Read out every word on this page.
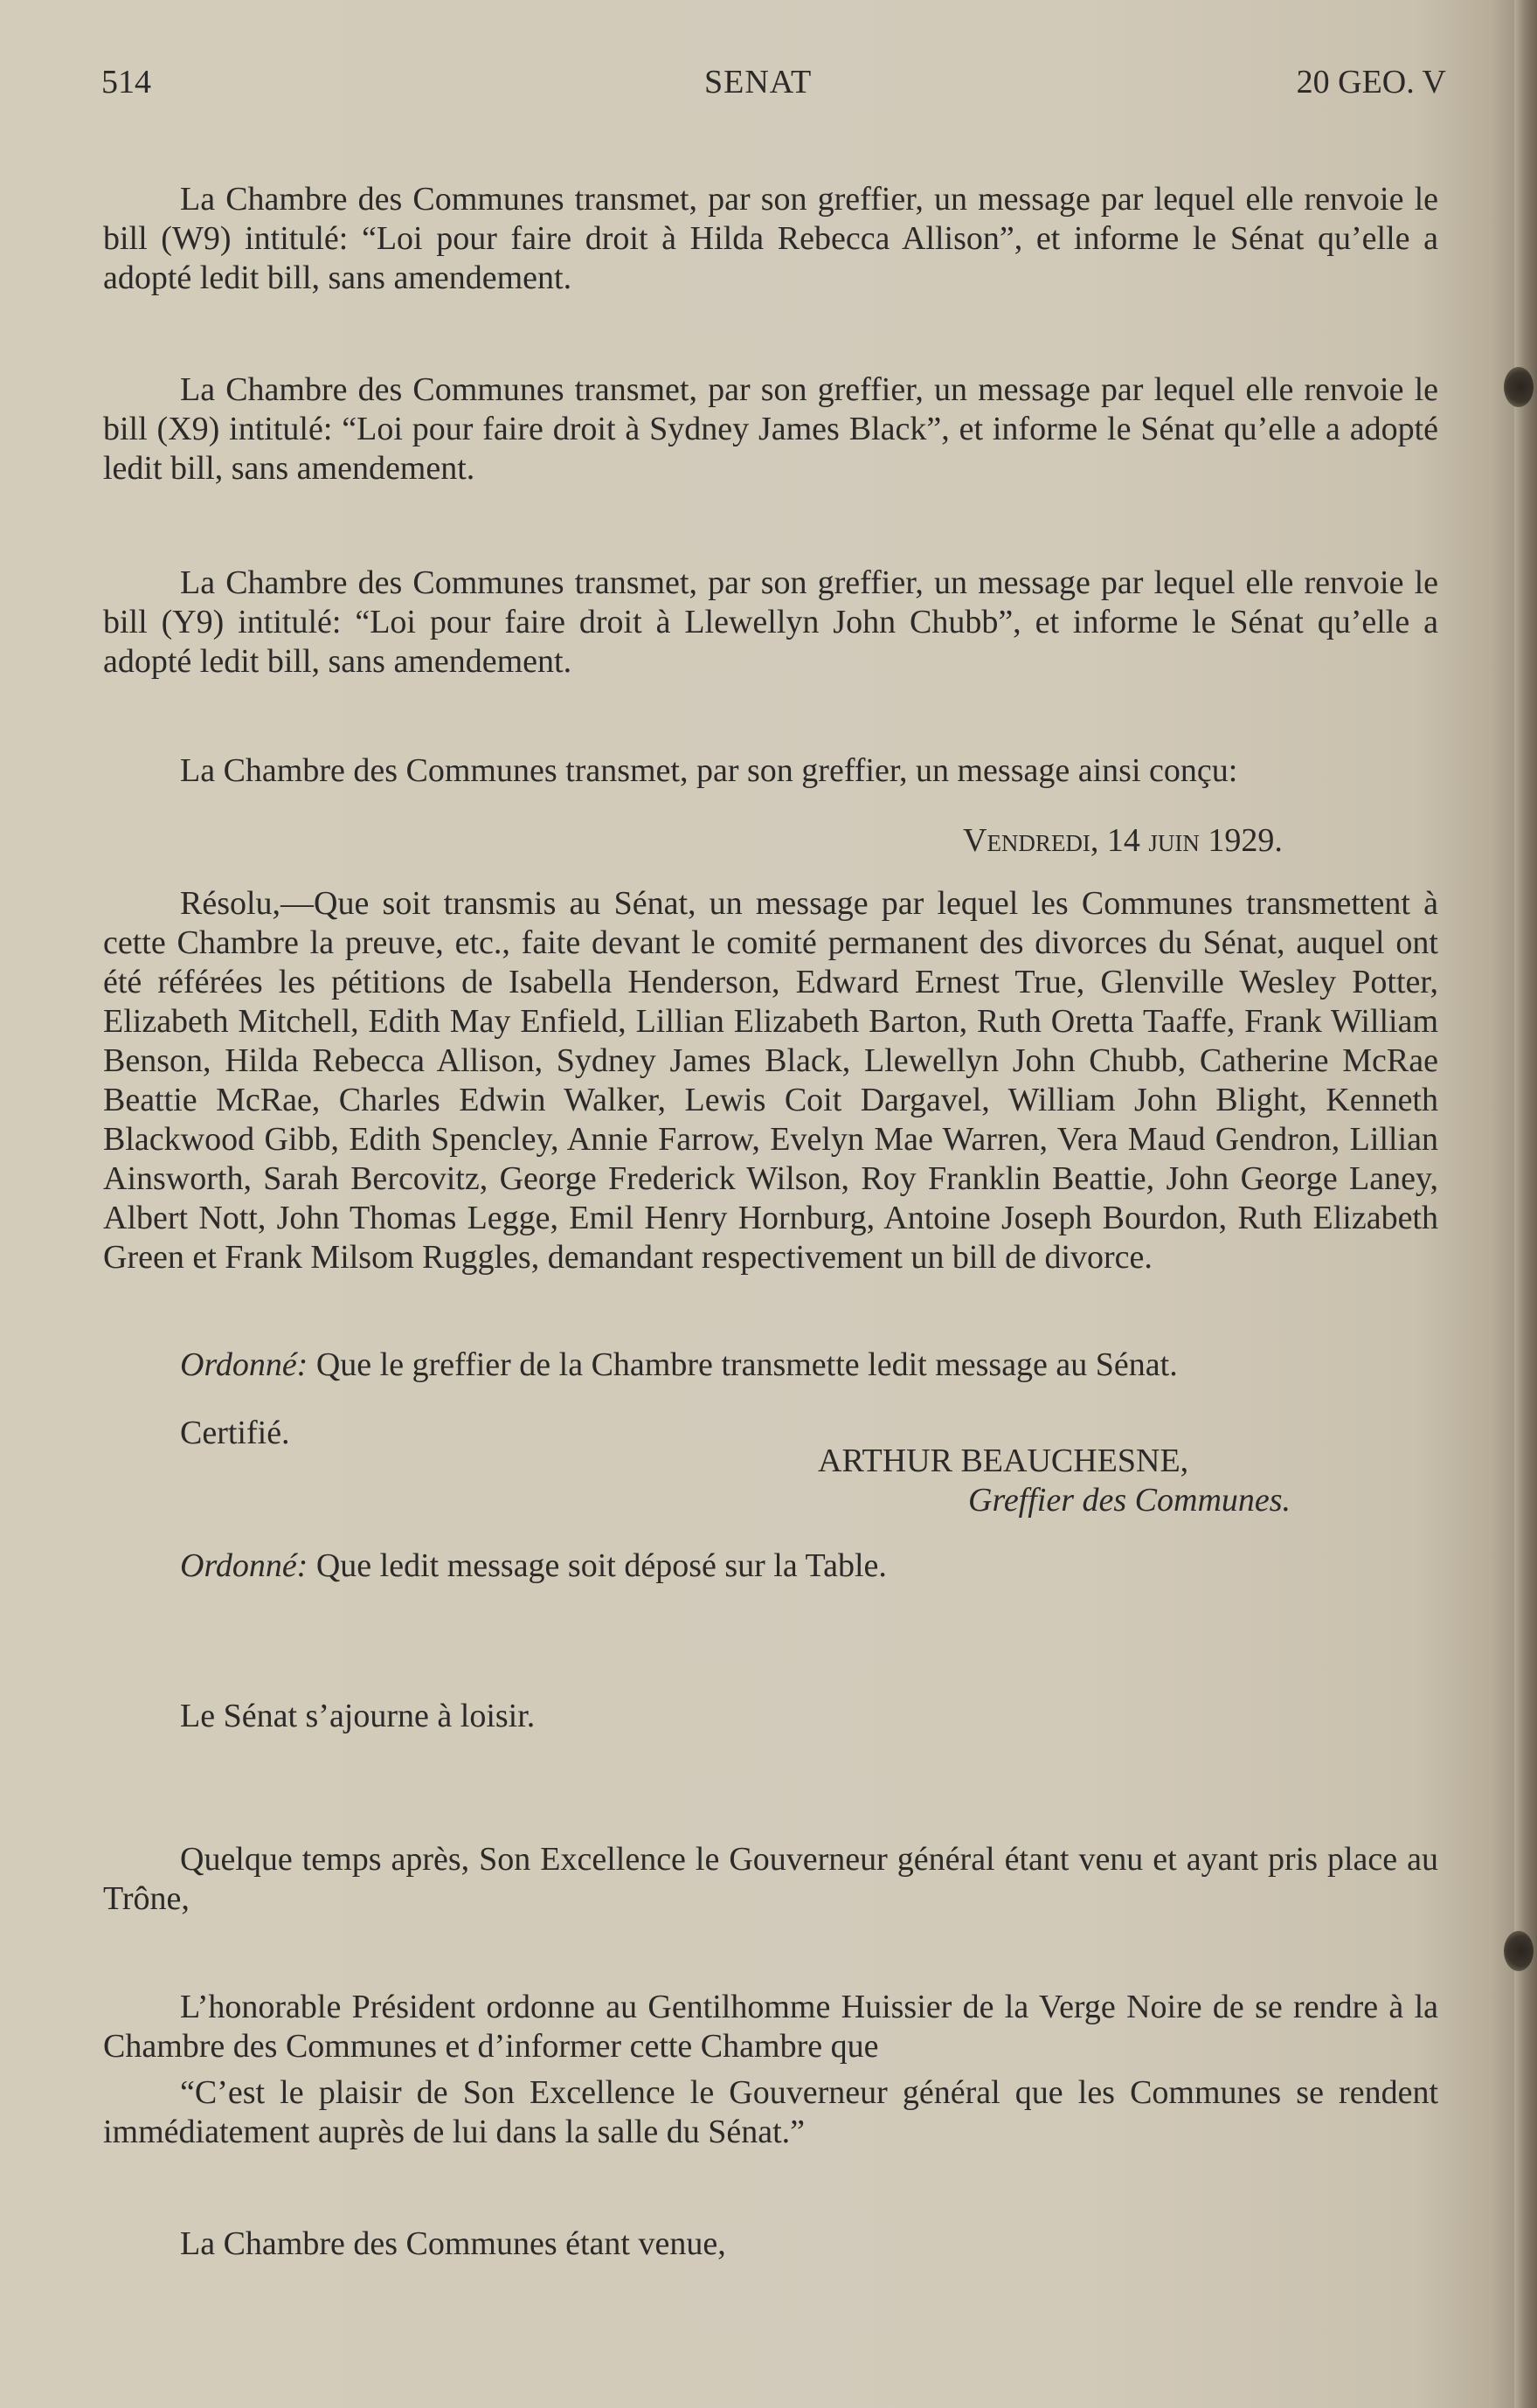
514	SENAT	20 GEO. V

La Chambre des Communes transmet, par son greffier, un message par lequel elle renvoie le bill (W9) intitulé: “Loi pour faire droit à Hilda Rebecca Allison”, et informe le Sénat qu’elle a adopté ledit bill, sans amendement.

La Chambre des Communes transmet, par son greffier, un message par lequel elle renvoie le bill (X9) intitulé: “Loi pour faire droit à Sydney James Black”, et informe le Sénat qu’elle a adopté ledit bill, sans amendement.

La Chambre des Communes transmet, par son greffier, un message par lequel elle renvoie le bill (Y9) intitulé: “Loi pour faire droit à Llewellyn John Chubb”, et informe le Sénat qu’elle a adopté ledit bill, sans amendement.

La Chambre des Communes transmet, par son greffier, un message ainsi conçu:

Vendredi, 14 juin 1929.

Résolu,—Que soit transmis au Sénat, un message par lequel les Communes transmettent à cette Chambre la preuve, etc., faite devant le comité permanent des divorces du Sénat, auquel ont été référées les pétitions de Isabella Henderson, Edward Ernest True, Glenville Wesley Potter, Elizabeth Mitchell, Edith May Enfield, Lillian Elizabeth Barton, Ruth Oretta Taaffe, Frank William Benson, Hilda Rebecca Allison, Sydney James Black, Llewellyn John Chubb, Catherine McRae Beattie McRae, Charles Edwin Walker, Lewis Coit Dargavel, William John Blight, Kenneth Blackwood Gibb, Edith Spencley, Annie Farrow, Evelyn Mae Warren, Vera Maud Gendron, Lillian Ainsworth, Sarah Bercovitz, George Frederick Wilson, Roy Franklin Beattie, John George Laney, Albert Nott, John Thomas Legge, Emil Henry Hornburg, Antoine Joseph Bourdon, Ruth Elizabeth Green et Frank Milsom Ruggles, demandant respectivement un bill de divorce.

Ordonné: Que le greffier de la Chambre transmette ledit message au Sénat.

Certifié.

ARTHUR BEAUCHESNE,
Greffier des Communes.

Ordonné: Que ledit message soit déposé sur la Table.

Le Sénat s’ajourne à loisir.

Quelque temps après, Son Excellence le Gouverneur général étant venu et ayant pris place au Trône,

L’honorable Président ordonne au Gentilhomme Huissier de la Verge Noire de se rendre à la Chambre des Communes et d’informer cette Chambre que

“C’est le plaisir de Son Excellence le Gouverneur général que les Communes se rendent immédiatement auprès de lui dans la salle du Sénat.”

La Chambre des Communes étant venue,
